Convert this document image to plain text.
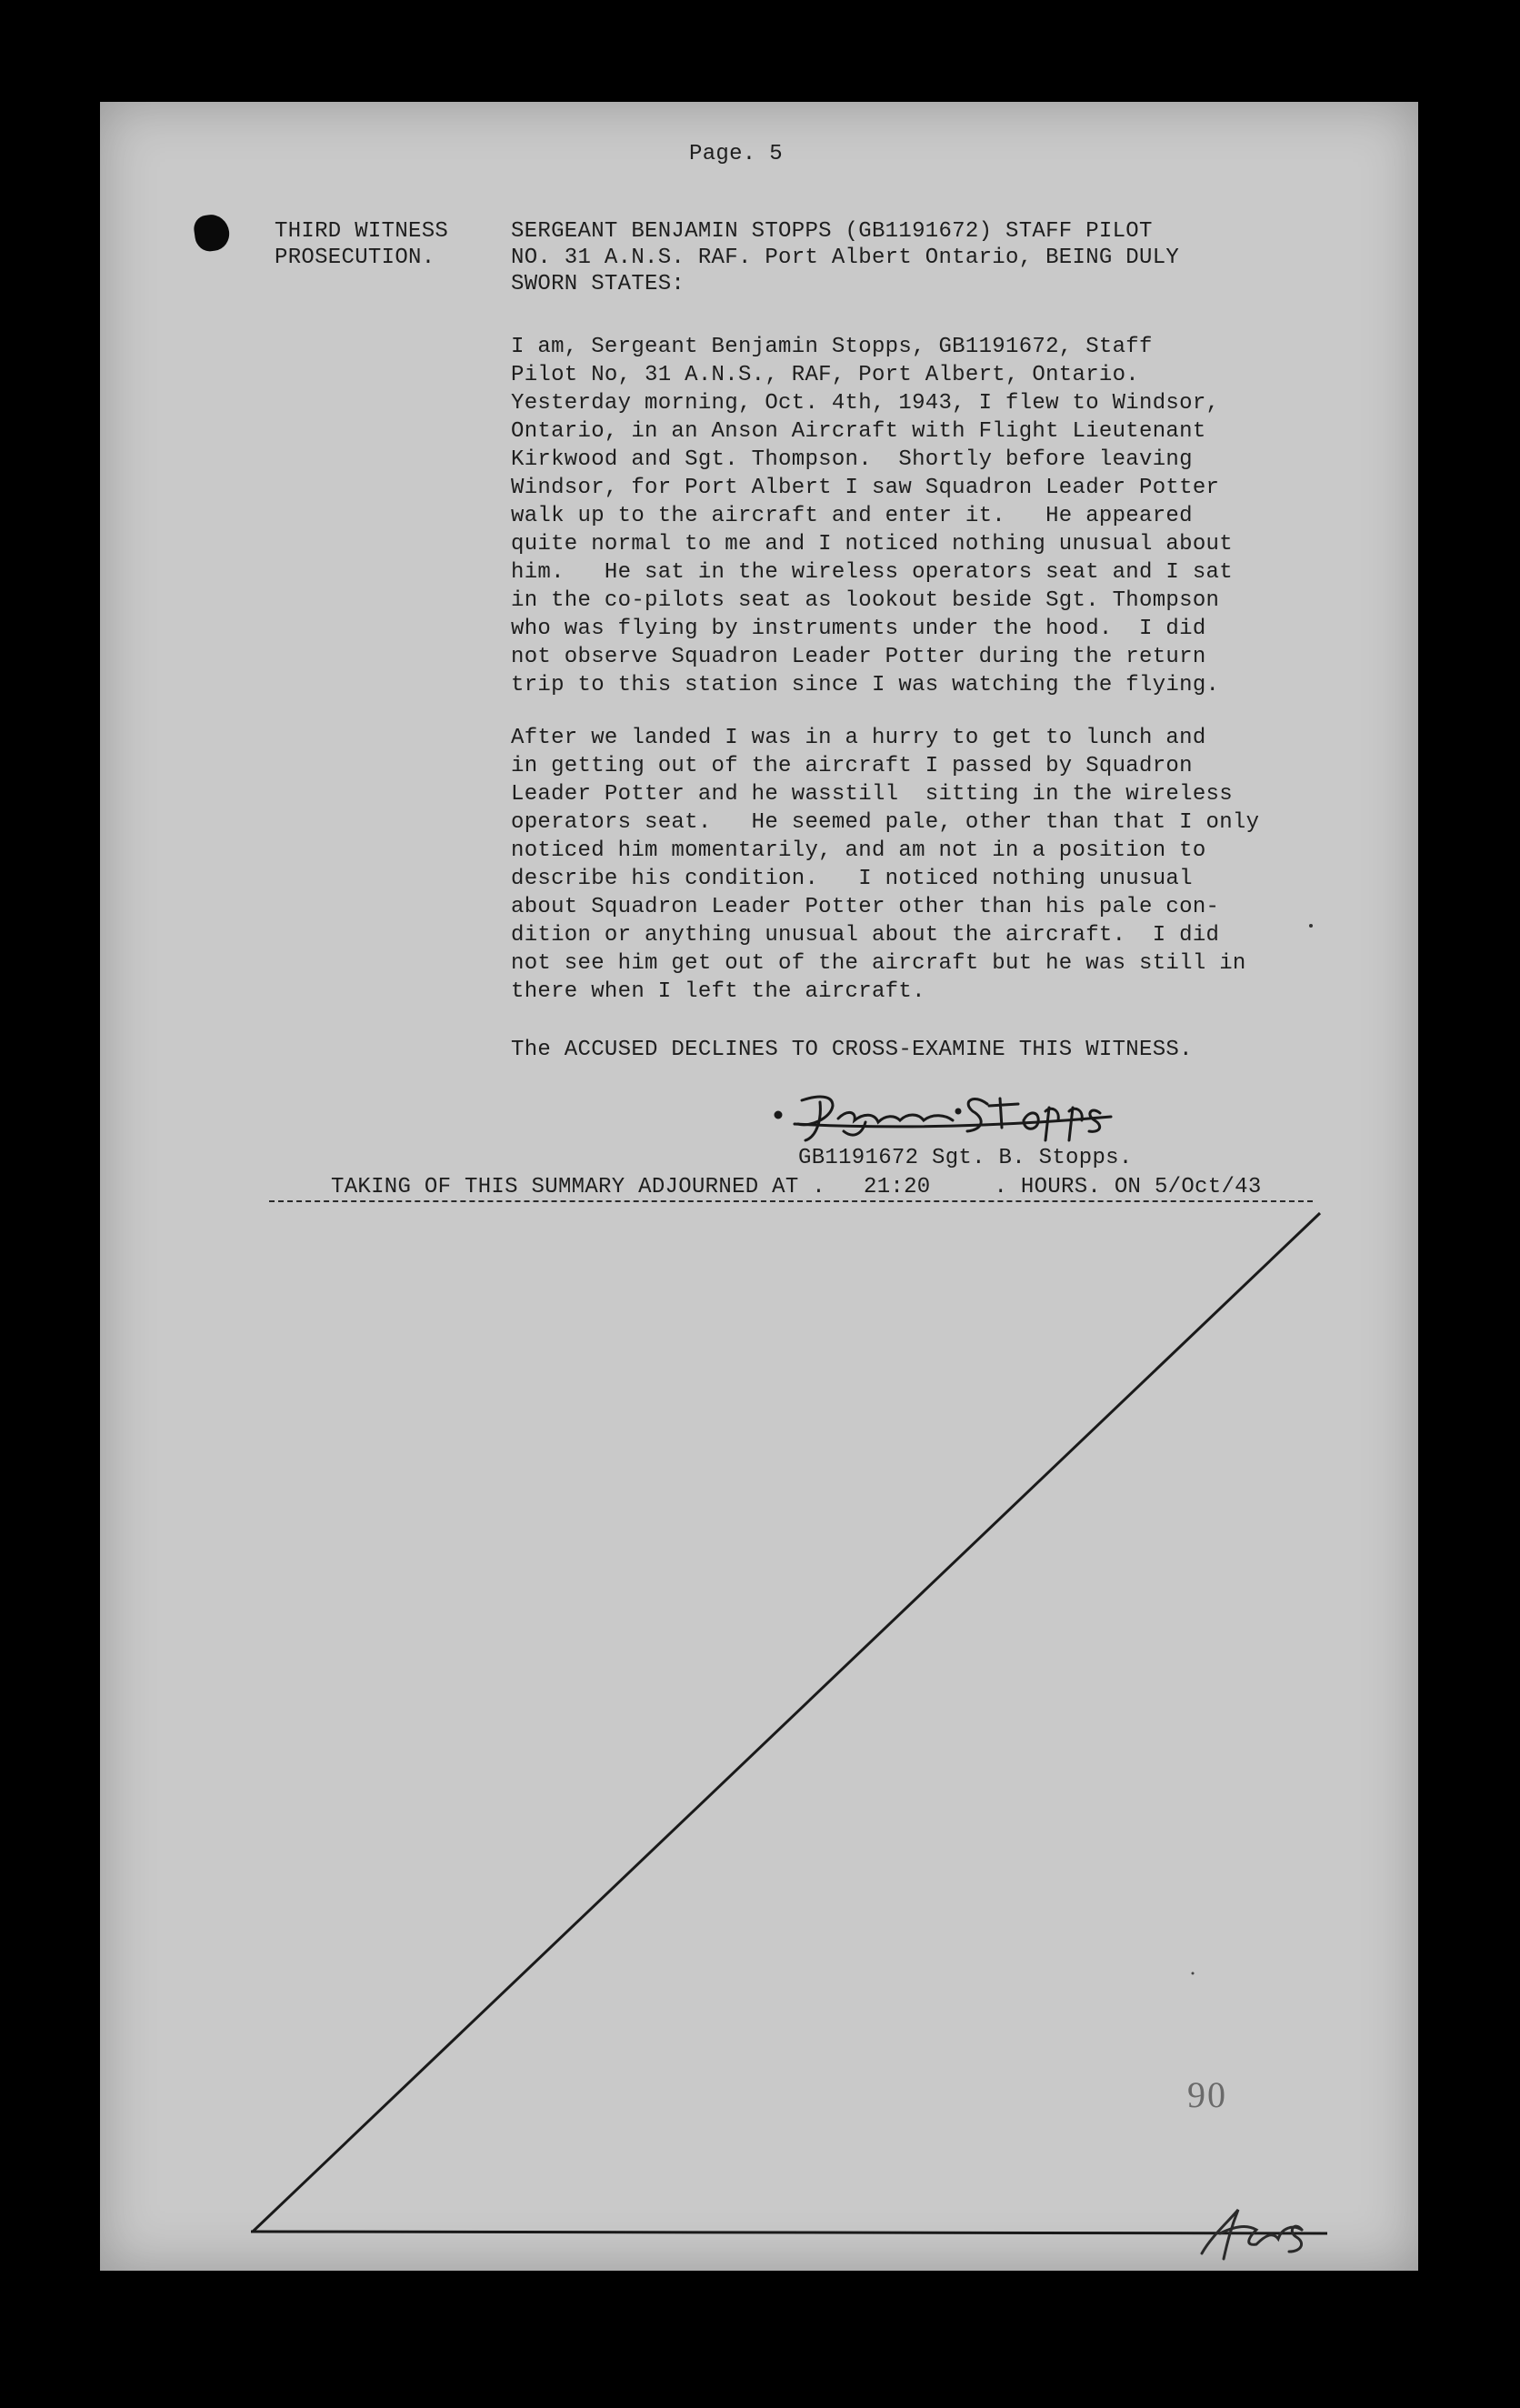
Page. 5
THIRD WITNESS
PROSECUTION.
SERGEANT BENJAMIN STOPPS (GB1191672) STAFF PILOT
NO. 31 A.N.S. RAF. Port Albert Ontario, BEING DULY
SWORN STATES:
I am, Sergeant Benjamin Stopps, GB1191672, Staff
Pilot No, 31 A.N.S., RAF, Port Albert, Ontario.
Yesterday morning, Oct. 4th, 1943, I flew to Windsor,
Ontario, in an Anson Aircraft with Flight Lieutenant
Kirkwood and Sgt. Thompson.  Shortly before leaving
Windsor, for Port Albert I saw Squadron Leader Potter
walk up to the aircraft and enter it.   He appeared
quite normal to me and I noticed nothing unusual about
him.   He sat in the wireless operators seat and I sat
in the co-pilots seat as lookout beside Sgt. Thompson
who was flying by instruments under the hood.  I did
not observe Squadron Leader Potter during the return
trip to this station since I was watching the flying.
After we landed I was in a hurry to get to lunch and
in getting out of the aircraft I passed by Squadron
Leader Potter and he wasstill  sitting in the wireless
operators seat.   He seemed pale, other than that I only
noticed him momentarily, and am not in a position to
describe his condition.   I noticed nothing unusual
about Squadron Leader Potter other than his pale con-
dition or anything unusual about the aircraft.  I did
not see him get out of the aircraft but he was still in
there when I left the aircraft.
The ACCUSED DECLINES TO CROSS-EXAMINE THIS WITNESS.
GB1191672 Sgt. B. Stopps.
TAKING OF THIS SUMMARY ADJOURNED AT . 21:20	. HOURS. ON 5/Oct/43
90
